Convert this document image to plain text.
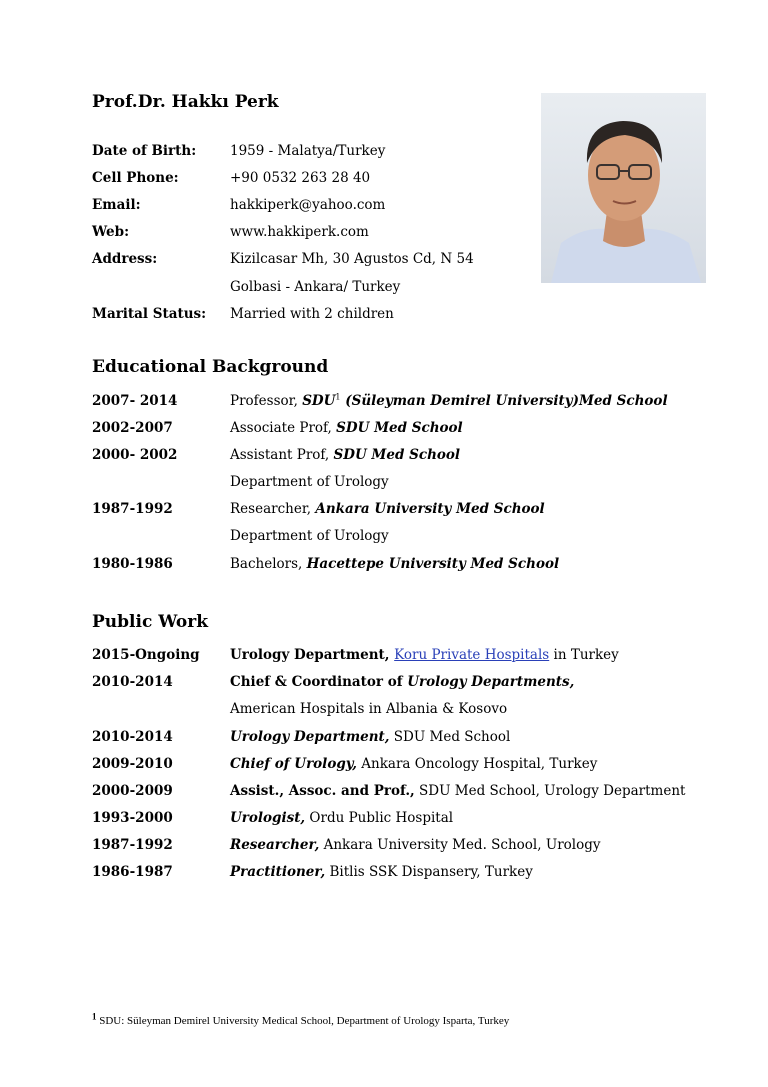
Prof.Dr. Hakkı Perk
Date of Birth:	1959 - Malatya/Turkey
Cell Phone:	+90 0532 263 28 40
Email:	hakkiperk@yahoo.com
Web:	www.hakkiperk.com
Address:	Kizilcasar Mh, 30 Agustos Cd, N 54
Golbasi - Ankara/ Turkey
Marital Status:	Married with 2 children
Educational Background
2007- 2014	Professor, SDU$^1$ (Süleyman Demirel University)Med School
2002-2007	Associate Prof, SDU Med School
2000- 2002	Assistant Prof, SDU Med School
Department of Urology
1987-1992	Researcher, Ankara University Med School
Department of Urology
1980-1986	Bachelors, Hacettepe University Med School
Public Work
2015-Ongoing	Urology Department, Koru Private Hospitals in Turkey
2010-2014	Chief & Coordinator of Urology Departments,
American Hospitals in Albania & Kosovo
2010-2014	Urology Department, SDU Med School
2009-2010	Chief of Urology, Ankara Oncology Hospital, Turkey
2000-2009	Assist., Assoc. and Prof., SDU Med School, Urology Department
1993-2000	Urologist, Ordu Public Hospital
1987-1992	Researcher, Ankara University Med. School, Urology
1986-1987	Practitioner, Bitlis SSK Dispansery, Turkey
$^1$ SDU: Süleyman Demirel University Medical School, Department of Urology Isparta, Turkey
